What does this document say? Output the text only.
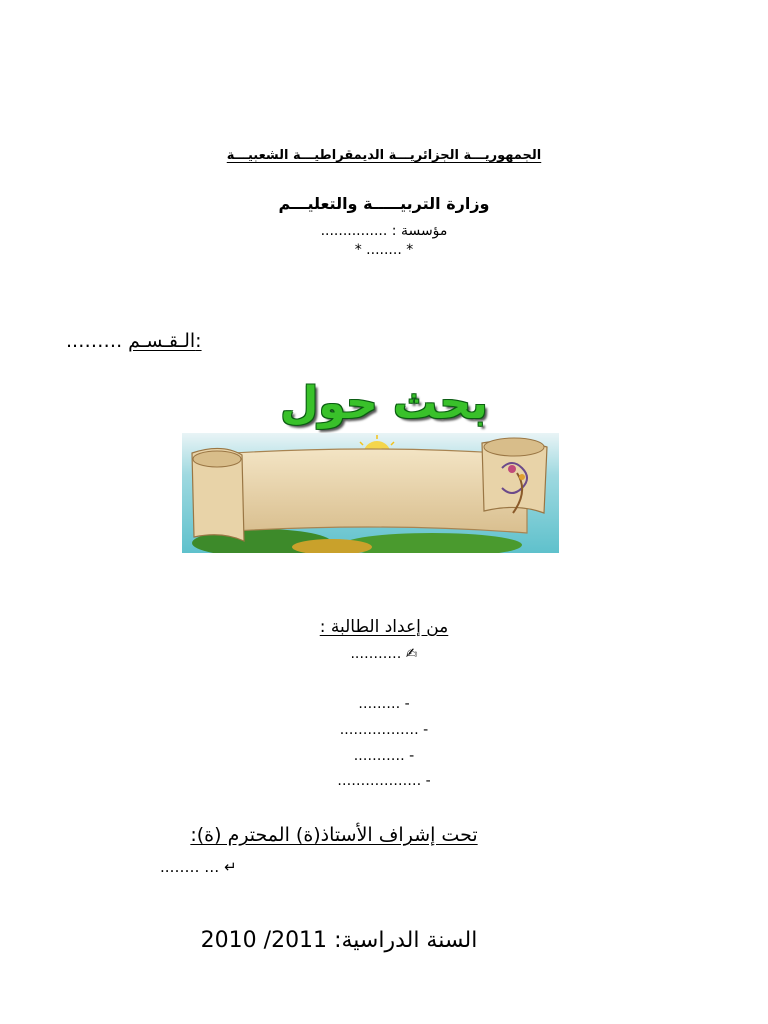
الجمهوريـــة الجزائريـــة الديمقراطيـــة الشعبيـــة
وزارة التربيـــــة والتعليـــم
مؤسسة : ...............
* ........ *
..……. الـقـسـم:
بحث حول
من إعداد الطالبة :
..……… ✍
……… -
..…………… -
..……… -
……………… -
تحت إشراف الأستاذ(ة) المحترم (ة):
..…… … ↵
السنة الدراسية: 2010 /2011
